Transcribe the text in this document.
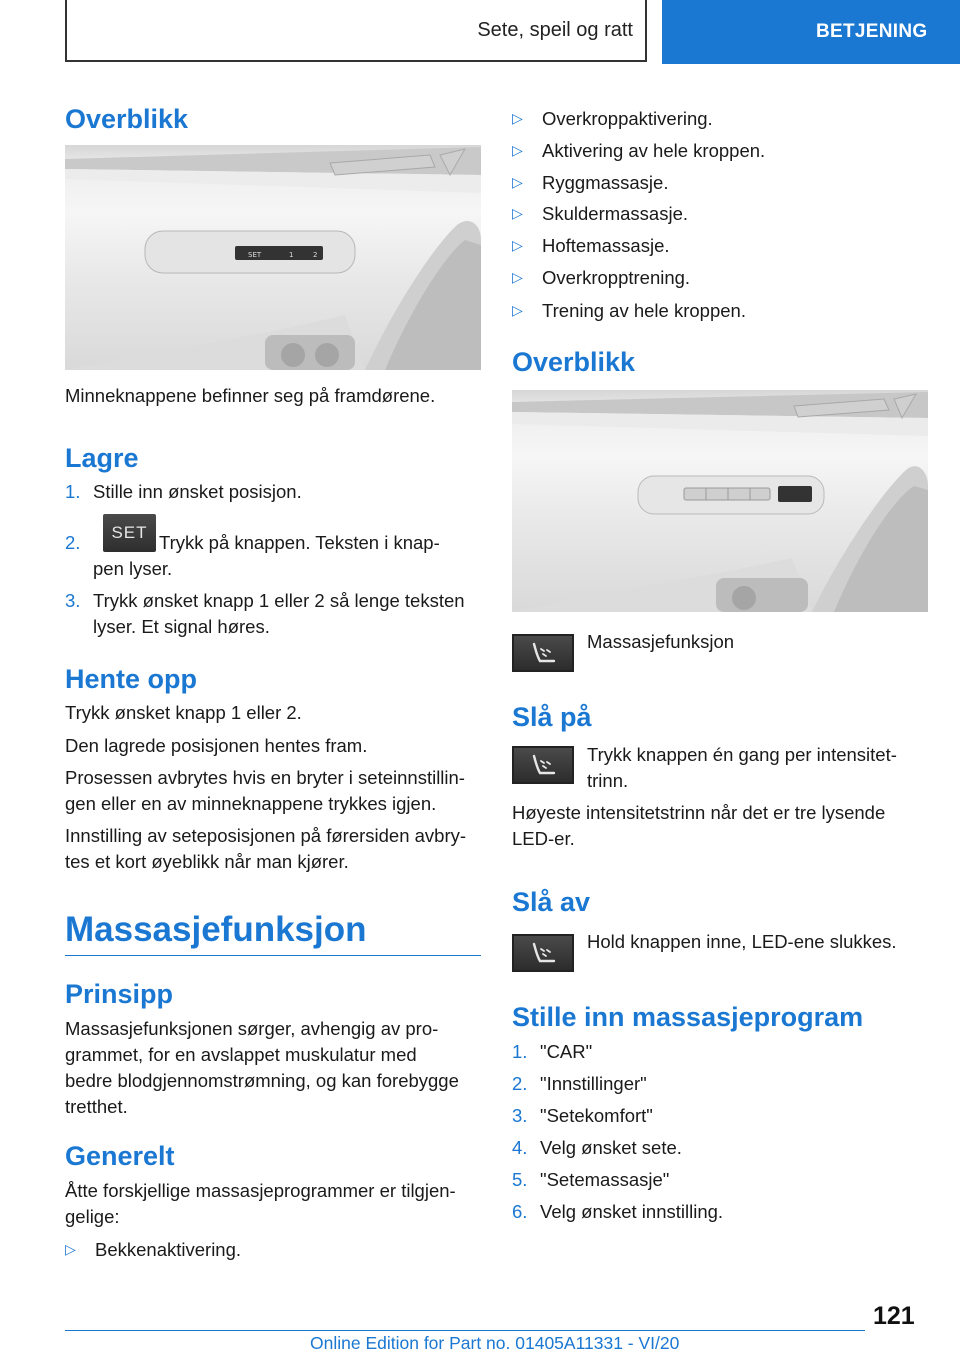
Sete, speil og ratt	BETJENING
Overblikk
SET	1	2
Minneknappene befinner seg på framdørene.
Lagre
1. Stille inn ønsket posisjon.
2.	Trykk på knappen. Teksten i knap-
SET
pen lyser.
3. Trykk ønsket knapp 1 eller 2 så lenge teksten
lyser. Et signal høres.
Hente opp
Trykk ønsket knapp 1 eller 2.
Den lagrede posisjonen hentes fram.
Prosessen avbrytes hvis en bryter i seteinnstillin-
gen eller en av minneknappene trykkes igjen.
Innstilling av seteposisjonen på førersiden avbry-
tes et kort øyeblikk når man kjører.
Massasjefunksjon
Prinsipp
Massasjefunksjonen sørger, avhengig av pro-
grammet, for en avslappet muskulatur med
bedre blodgjennomstrømning, og kan forebygge
tretthet.
Generelt
Åtte forskjellige massasjeprogrammer er tilgjen-
gelige:
▷ Bekkenaktivering.
▷ Overkroppaktivering.
▷ Aktivering av hele kroppen.
▷ Ryggmassasje.
▷ Skuldermassasje.
▷ Hoftemassasje.
▷ Overkropptrening.
▷ Trening av hele kroppen.
Overblikk
Massasjefunksjon
Slå på
Trykk knappen én gang per intensitet-
trinn.
Høyeste intensitetstrinn når det er tre lysende
LED-er.
Slå av
Hold knappen inne, LED-ene slukkes.
Stille inn massasjeprogram
1. "CAR"
2. "Innstillinger"
3. "Setekomfort"
4. Velg ønsket sete.
5. "Setemassasje"
6. Velg ønsket innstilling.
121
Online Edition for Part no. 01405A11331 - VI/20
